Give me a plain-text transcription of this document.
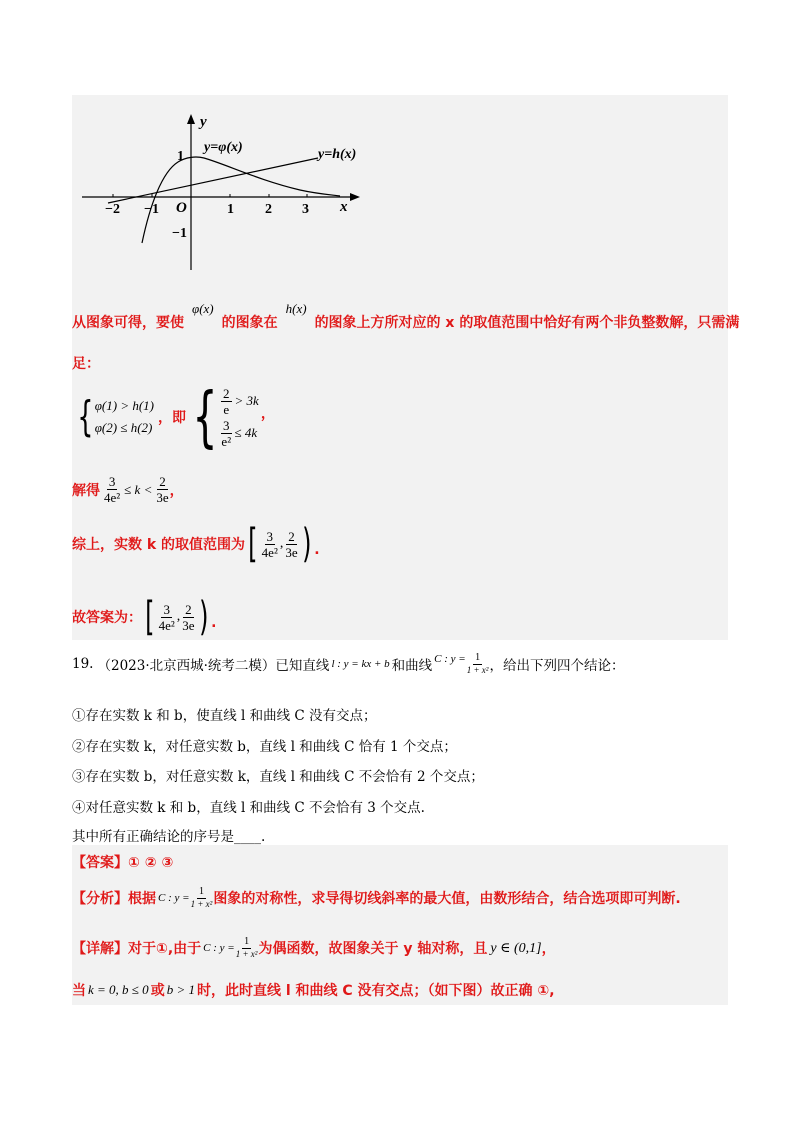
y
x
y=φ(x)	y=h(x)
O
−2 −1	1 2 3
1
−1
从图象可得，要使φ(x)的图象在h(x)的图象上方所对应的 x 的取值范围中恰好有两个非负整数解，只需满
足：
{ φ(1) > h(1)
φ(2) ≤ h(2)
，即 { $\frac{2}{e} > 3k$
$\frac{3}{\text{e²}} \le 4k$
，
解得 $\frac{3}{\text{4e²}} \le k < \frac{2}{3e}$ ，
综上，实数 k 的取值范围为 [ $\frac{3}{\text{4e²}}$ , $\frac{2}{3e}$ ) .
故答案为： [ $\frac{3}{\text{4e²}}$ , $\frac{2}{3e}$ ) .
19. （2023·北京西城·统考二模）已知直线 l : y = kx + b 和曲线 C : $y = \frac{1}{\text{1 + x²}}$ ，给出下列四个结论：
①存在实数 k 和 b，使直线 l 和曲线 C 没有交点；
②存在实数 k，对任意实数 b，直线 l 和曲线 C 恰有 1 个交点；
③存在实数 b，对任意实数 k，直线 l 和曲线 C 不会恰有 2 个交点；
④对任意实数 k 和 b，直线 l 和曲线 C 不会恰有 3 个交点.
其中所有正确结论的序号是____.
【答案】① ② ③
【分析】根据 C : $y = \frac{1}{\text{1 + x²}}$ 图象的对称性，求导得切线斜率的最大值，由数形结合，结合选项即可判断.
【详解】对于①,由于 C : $y = \frac{1}{\text{1 + x²}}$ 为偶函数，故图象关于 y 轴对称，且 y ∈ (0,1] ，
当 k = 0, b ≤ 0 或 b > 1 时，此时直线 l 和曲线 C 没有交点；（如下图）故正确 ①,
